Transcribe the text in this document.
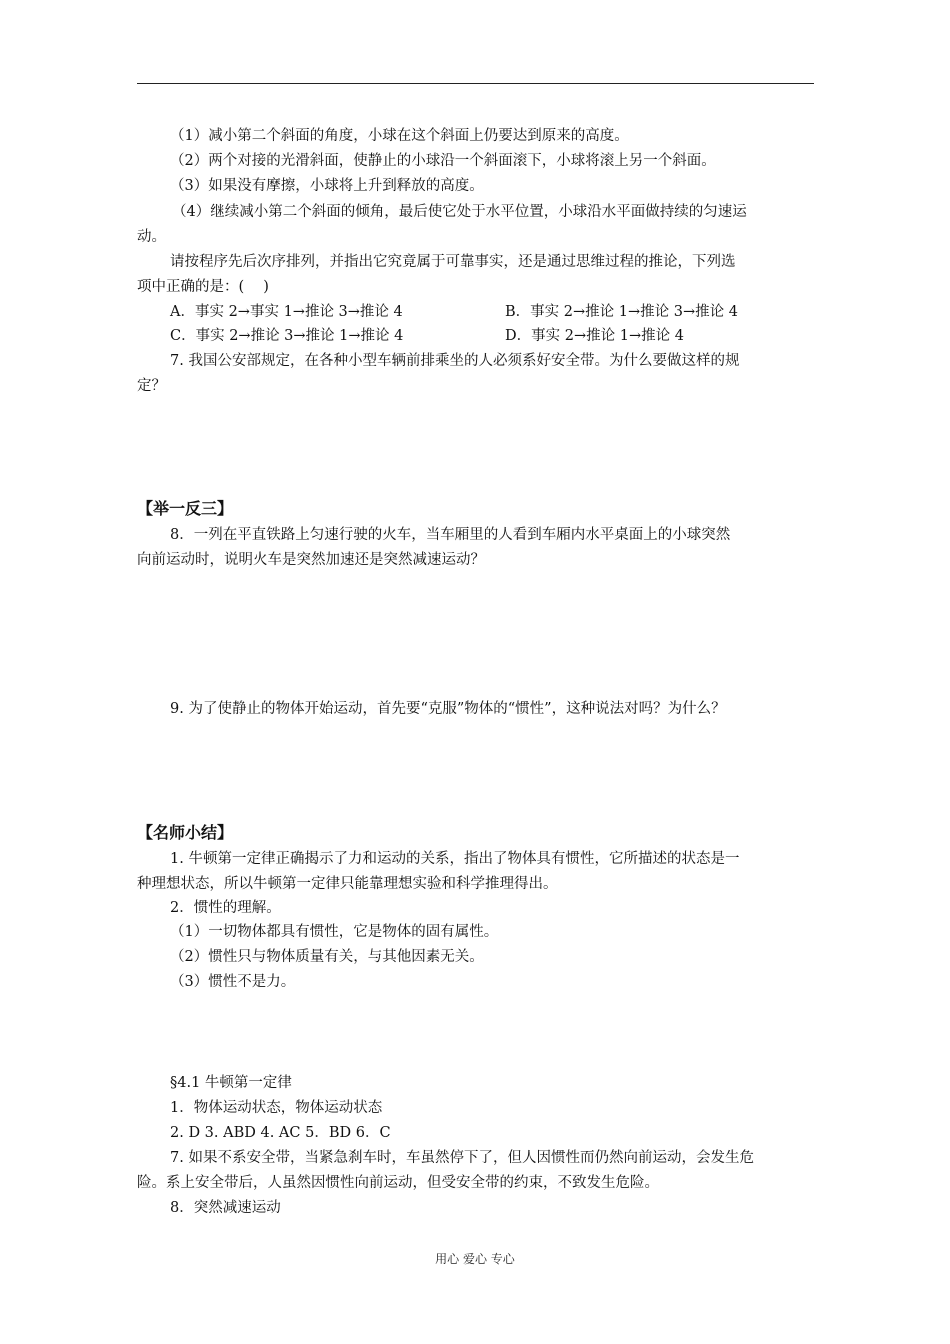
（1）减小第二个斜面的角度，小球在这个斜面上仍要达到原来的高度。
（2）两个对接的光滑斜面，使静止的小球沿一个斜面滚下，小球将滚上另一个斜面。
（3）如果没有摩擦，小球将上升到释放的高度。
（4）继续减小第二个斜面的倾角，最后使它处于水平位置，小球沿水平面做持续的匀速运
动。
请按程序先后次序排列，并指出它究竟属于可靠事实，还是通过思维过程的推论，下列选
项中正确的是：(　 )
A．事实 2→事实 1→推论 3→推论 4	B．事实 2→推论 1→推论 3→推论 4
C．事实 2→推论 3→推论 1→推论 4	D．事实 2→推论 1→推论 4
7. 我国公安部规定，在各种小型车辆前排乘坐的人必须系好安全带。为什么要做这样的规
定？
【举一反三】
8．一列在平直铁路上匀速行驶的火车，当车厢里的人看到车厢内水平桌面上的小球突然
向前运动时，说明火车是突然加速还是突然减速运动？
9. 为了使静止的物体开始运动，首先要“克服”物体的“惯性”，这种说法对吗？为什么？
【名师小结】
1. 牛顿第一定律正确揭示了力和运动的关系，指出了物体具有惯性，它所描述的状态是一
种理想状态，所以牛顿第一定律只能靠理想实验和科学推理得出。
2．惯性的理解。
（1）一切物体都具有惯性，它是物体的固有属性。
（2）惯性只与物体质量有关，与其他因素无关。
（3）惯性不是力。
§4.1 牛顿第一定律
1．物体运动状态，物体运动状态
2. D 3. ABD 4. AC 5．BD 6．C
7. 如果不系安全带，当紧急刹车时，车虽然停下了，但人因惯性而仍然向前运动，会发生危
险。系上安全带后，人虽然因惯性向前运动，但受安全带的约束，不致发生危险。
8．突然减速运动
用心 爱心 专心
